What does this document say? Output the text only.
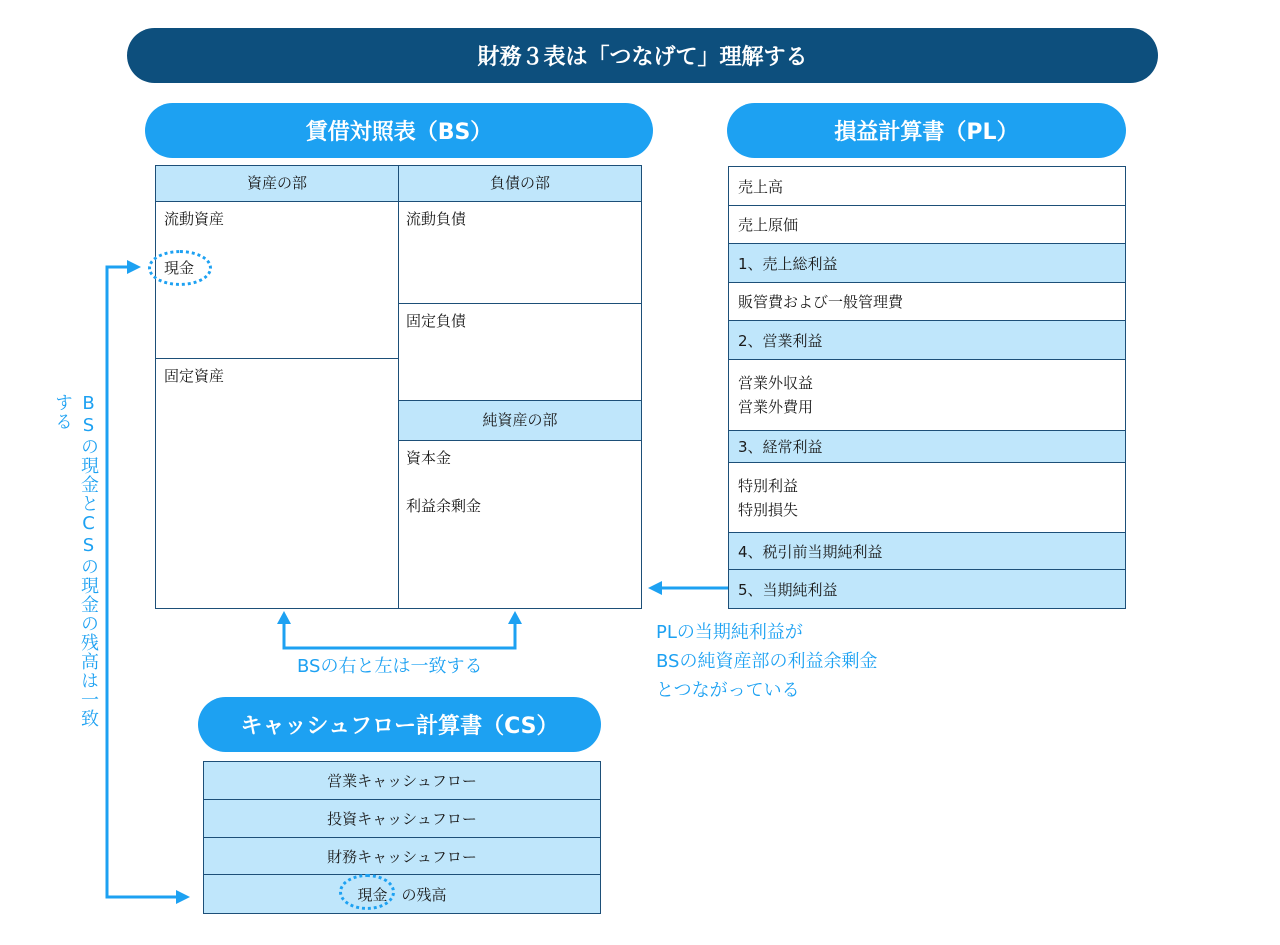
財務３表は「つなげて」理解する
賃借対照表（BS）
資産の部	負債の部
流動資産
現金
固定資産
流動負債
固定負債
純資産の部
資本金
利益余剰金
損益計算書（PL）
売上高
売上原価
1、売上総利益
販管費および一般管理費
2、営業利益
営業外収益
営業外費用
3、経常利益
特別利益
特別損失
4、税引前当期純利益
5、当期純利益
BSの右と左は一致する
PLの当期純利益が
BSの純資産部の利益余剰金
とつながっている
BSの現金とCSの現金の残高は一致する
キャッシュフロー計算書（CS）
営業キャッシュフロー
投資キャッシュフロー
財務キャッシュフロー
現金 の残高
